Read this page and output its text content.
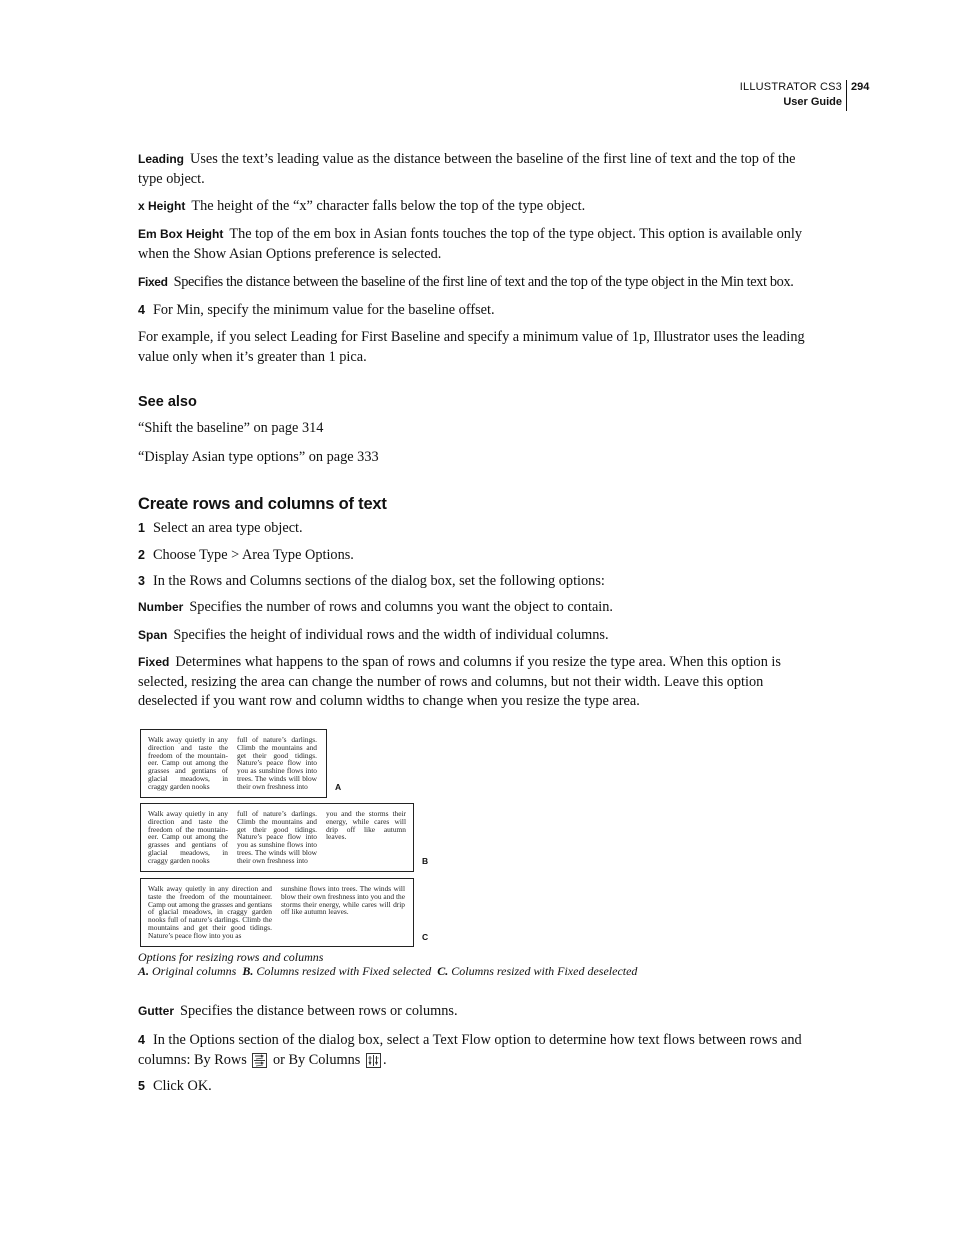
ILLUSTRATOR CS3
User Guide
294

Leading Uses the text’s leading value as the distance between the baseline of the first line of text and the top of the type object.

x Height The height of the “x” character falls below the top of the type object.

Em Box Height The top of the em box in Asian fonts touches the top of the type object. This option is available only when the Show Asian Options preference is selected.

Fixed Specifies the distance between the baseline of the first line of text and the top of the type object in the Min text box.

4 For Min, specify the minimum value for the baseline offset.

For example, if you select Leading for First Baseline and specify a minimum value of 1p, Illustrator uses the leading value only when it’s greater than 1 pica.

See also

“Shift the baseline” on page 314

“Display Asian type options” on page 333

Create rows and columns of text

1 Select an area type object.

2 Choose Type > Area Type Options.

3 In the Rows and Columns sections of the dialog box, set the following options:

Number Specifies the number of rows and columns you want the object to contain.

Span Specifies the height of individual rows and the width of individual columns.

Fixed Determines what happens to the span of rows and columns if you resize the type area. When this option is selected, resizing the area can change the number of rows and columns, but not their width. Leave this option deselected if you want row and column widths to change when you resize the type area.

Walk away quietly in any direction and taste the freedom of the mountain-eer. Camp out among the grasses and gentians of glacial meadows, in craggy garden nooks
full of nature’s darlings. Climb the mountains and get their good tidings. Nature’s peace flow into you as sunshine flows into trees. The winds will blow their own freshness into	A
Walk away quietly in any direction and taste the freedom of the mountain-eer. Camp out among the grasses and gentians of glacial meadows, in craggy garden nooks
full of nature’s darlings. Climb the mountains and get their good tidings. Nature’s peace flow into you as sunshine flows into trees. The winds will blow their own freshness into
you and the storms their energy, while cares will drip off like autumn leaves.
B
Walk away quietly in any direction and taste the freedom of the mountaineer. Camp out among the grasses and gentians of glacial meadows, in craggy garden nooks full of nature’s darlings. Climb the mountains and get their good tidings. Nature’s peace flow into you as
sunshine flows into trees. The winds will blow their own freshness into you and the storms their energy, while cares will drip off like autumn leaves.
C
Options for resizing rows and columns
A. Original columns B. Columns resized with Fixed selected C. Columns resized with Fixed deselected

Gutter Specifies the distance between rows or columns.

4 In the Options section of the dialog box, select a Text Flow option to determine how text flows between rows and columns: By Rows or By Columns .

5 Click OK.
